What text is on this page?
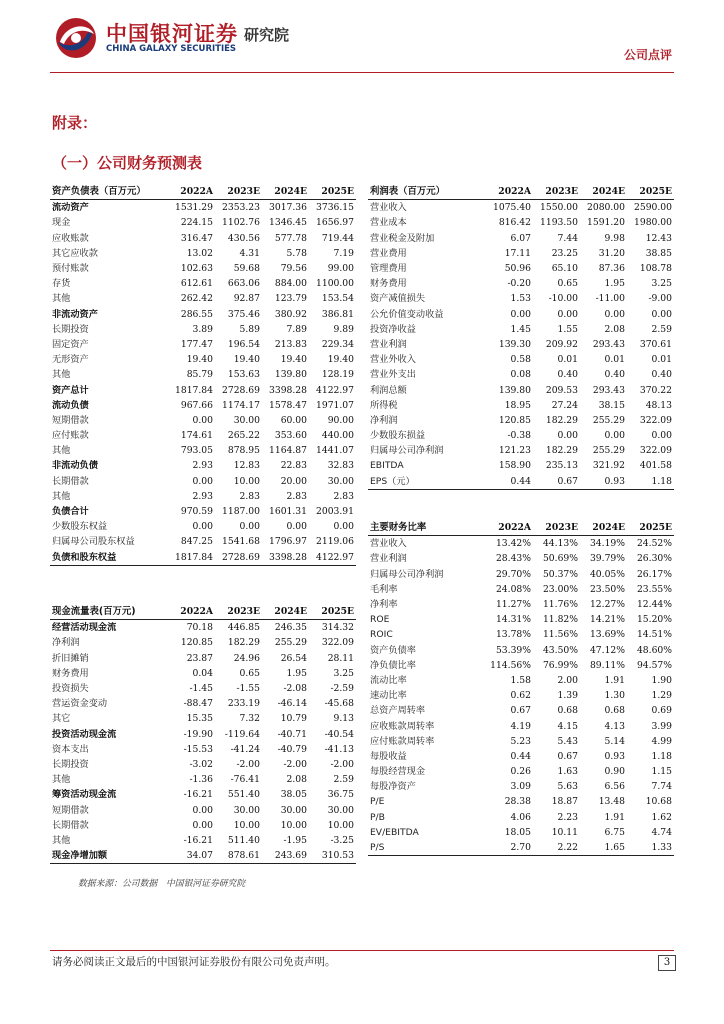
中国银河证券
CHINA GALAXY SECURITIES
研究院
公司点评
附录：
（一）公司财务预测表
资产负债表（百万元）	2022A	2023E	2024E	2025E
流动资产	1531.29	2353.23	3017.36	3736.15
现金	224.15	1102.76	1346.45	1656.97
应收账款	316.47	430.56	577.78	719.44
其它应收款	13.02	4.31	5.78	7.19
预付账款	102.63	59.68	79.56	99.00
存货	612.61	663.06	884.00	1100.00
其他	262.42	92.87	123.79	153.54
非流动资产	286.55	375.46	380.92	386.81
长期投资	3.89	5.89	7.89	9.89
固定资产	177.47	196.54	213.83	229.34
无形资产	19.40	19.40	19.40	19.40
其他	85.79	153.63	139.80	128.19
资产总计	1817.84	2728.69	3398.28	4122.97
流动负债	967.66	1174.17	1578.47	1971.07
短期借款	0.00	30.00	60.00	90.00
应付账款	174.61	265.22	353.60	440.00
其他	793.05	878.95	1164.87	1441.07
非流动负债	2.93	12.83	22.83	32.83
长期借款	0.00	10.00	20.00	30.00
其他	2.93	2.83	2.83	2.83
负债合计	970.59	1187.00	1601.31	2003.91
少数股东权益	0.00	0.00	0.00	0.00
归属母公司股东权益	847.25	1541.68	1796.97	2119.06
负债和股东权益	1817.84	2728.69	3398.28	4122.97
利润表（百万元）	2022A	2023E	2024E	2025E
营业收入	1075.40	1550.00	2080.00	2590.00
营业成本	816.42	1193.50	1591.20	1980.00
营业税金及附加	6.07	7.44	9.98	12.43
营业费用	17.11	23.25	31.20	38.85
管理费用	50.96	65.10	87.36	108.78
财务费用	-0.20	0.65	1.95	3.25
资产减值损失	1.53	-10.00	-11.00	-9.00
公允价值变动收益	0.00	0.00	0.00	0.00
投资净收益	1.45	1.55	2.08	2.59
营业利润	139.30	209.92	293.43	370.61
营业外收入	0.58	0.01	0.01	0.01
营业外支出	0.08	0.40	0.40	0.40
利润总额	139.80	209.53	293.43	370.22
所得税	18.95	27.24	38.15	48.13
净利润	120.85	182.29	255.29	322.09
少数股东损益	-0.38	0.00	0.00	0.00
归属母公司净利润	121.23	182.29	255.29	322.09
EBITDA	158.90	235.13	321.92	401.58
EPS（元）	0.44	0.67	0.93	1.18
现金流量表(百万元)	2022A	2023E	2024E	2025E
经营活动现金流	70.18	446.85	246.35	314.32
净利润	120.85	182.29	255.29	322.09
折旧摊销	23.87	24.96	26.54	28.11
财务费用	0.04	0.65	1.95	3.25
投资损失	-1.45	-1.55	-2.08	-2.59
营运资金变动	-88.47	233.19	-46.14	-45.68
其它	15.35	7.32	10.79	9.13
投资活动现金流	-19.90	-119.64	-40.71	-40.54
资本支出	-15.53	-41.24	-40.79	-41.13
长期投资	-3.02	-2.00	-2.00	-2.00
其他	-1.36	-76.41	2.08	2.59
筹资活动现金流	-16.21	551.40	38.05	36.75
短期借款	0.00	30.00	30.00	30.00
长期借款	0.00	10.00	10.00	10.00
其他	-16.21	511.40	-1.95	-3.25
现金净增加额	34.07	878.61	243.69	310.53
主要财务比率	2022A	2023E	2024E	2025E
营业收入	13.42%	44.13%	34.19%	24.52%
营业利润	28.43%	50.69%	39.79%	26.30%
归属母公司净利润	29.70%	50.37%	40.05%	26.17%
毛利率	24.08%	23.00%	23.50%	23.55%
净利率	11.27%	11.76%	12.27%	12.44%
ROE	14.31%	11.82%	14.21%	15.20%
ROIC	13.78%	11.56%	13.69%	14.51%
资产负债率	53.39%	43.50%	47.12%	48.60%
净负债比率	114.56%	76.99%	89.11%	94.57%
流动比率	1.58	2.00	1.91	1.90
速动比率	0.62	1.39	1.30	1.29
总资产周转率	0.67	0.68	0.68	0.69
应收账款周转率	4.19	4.15	4.13	3.99
应付账款周转率	5.23	5.43	5.14	4.99
每股收益	0.44	0.67	0.93	1.18
每股经营现金	0.26	1.63	0.90	1.15
每股净资产	3.09	5.63	6.56	7.74
P/E	28.38	18.87	13.48	10.68
P/B	4.06	2.23	1.91	1.62
EV/EBITDA	18.05	10.11	6.75	4.74
P/S	2.70	2.22	1.65	1.33
数据来源：公司数据　中国银河证券研究院
请务必阅读正文最后的中国银河证券股份有限公司免责声明。	3
